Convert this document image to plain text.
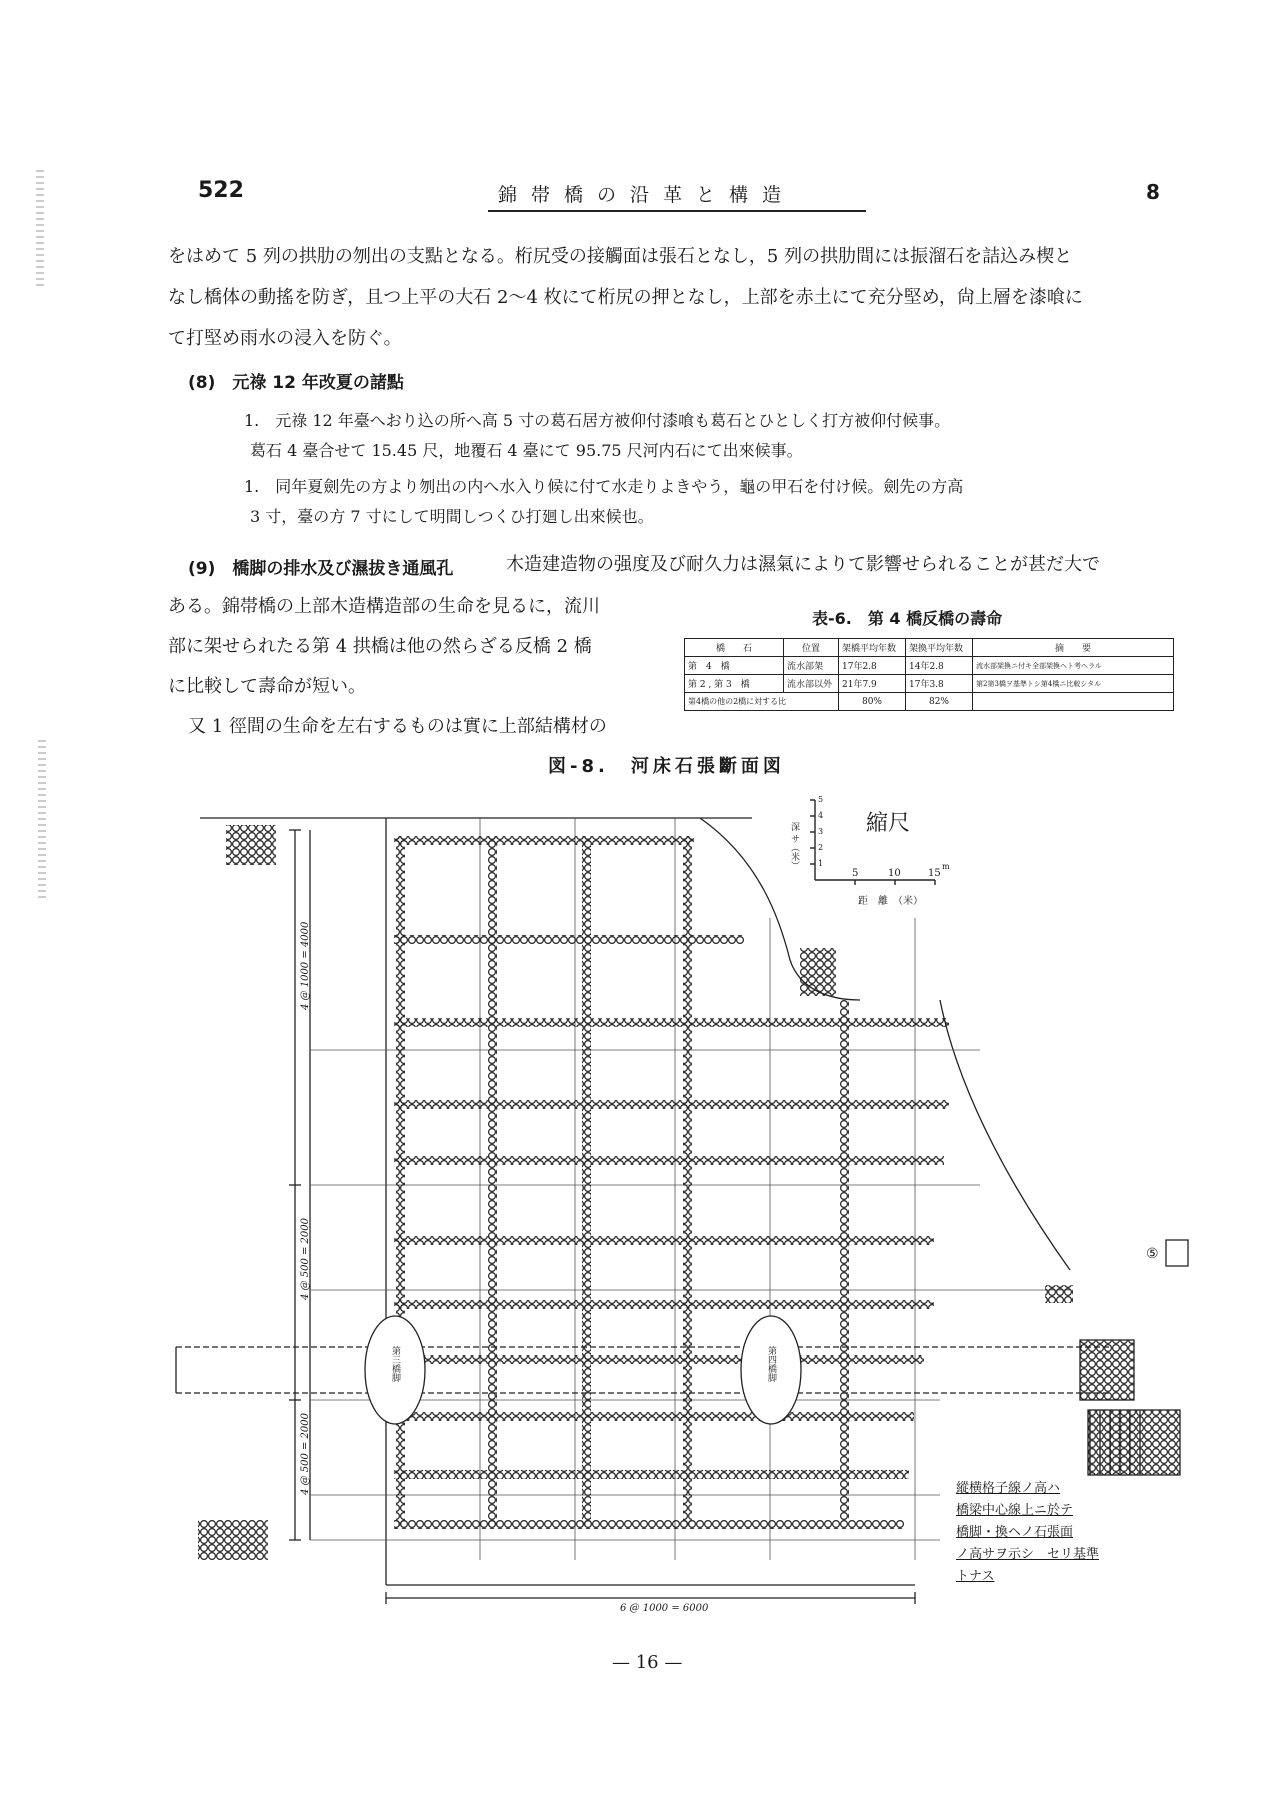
522	錦帯橋の沿革と構造	8
をはめて 5 列の拱肋の刎出の支點となる。桁尻受の接觸面は張石となし，5 列の拱肋間には振溜石を詰込み楔と
なし橋体の動搖を防ぎ，且つ上平の大石 2〜4 枚にて桁尻の押となし，上部を赤土にて充分堅め，尙上層を漆喰に
て打堅め雨水の浸入を防ぐ。
(8)　元祿 12 年改夏の諸點
1.　元祿 12 年臺へおり込の所へ高 5 寸の葛石居方被仰付漆喰も葛石とひとしく打方被仰付候事。
葛石 4 臺合せて 15.45 尺，地覆石 4 臺にて 95.75 尺河内石にて出來候事。
1.　同年夏劍先の方より刎出の内へ水入り候に付て水走りよきやう，龜の甲石を付け候。劍先の方高
3 寸，臺の方 7 寸にして明間しつくひ打廻し出來候也。
(9)　橋脚の排水及び濕拔き通風孔	木造建造物の强度及び耐久力は濕氣によりて影響せられることが甚だ大で
ある。錦帯橋の上部木造構造部の生命を見るに，流川
部に架せられたる第 4 拱橋は他の然らざる反橋 2 橋
に比較して壽命が短い。
又 1 徑間の生命を左右するものは實に上部結構材の
表-6.　第 4 橋反橋の壽命
橋　　石	位置	架橋平均年数	架換平均年数	摘　　要
第　4　橋	流水部架	17年2.8	14年2.8	流水部架換ニ付キ全部架換ヘト考ヘラル
第 2 , 第 3　橋	流水部以外	21年7.9	17年3.8	第2第3橋ヲ基準トシ第4橋ニ比較シタル
第4橋の他の2橋に対する比		80%	82%	
図-8.　河床石張斷面図
縮尺
深 サ（米）
5
4
3
2
1
5	10	15
m
距　離　（米）
4 @ 1000 = 4000
4 @ 500 = 2000
4 @ 500 = 2000
6 @ 1000 = 6000
第三橋脚	第四橋脚
⑤
縱横格子線ノ高ハ
橋梁中心線上ニ於テ
橋脚・換ヘノ石張面
ノ高サヲ示シ　セリ基準
トナス
— 16 —
